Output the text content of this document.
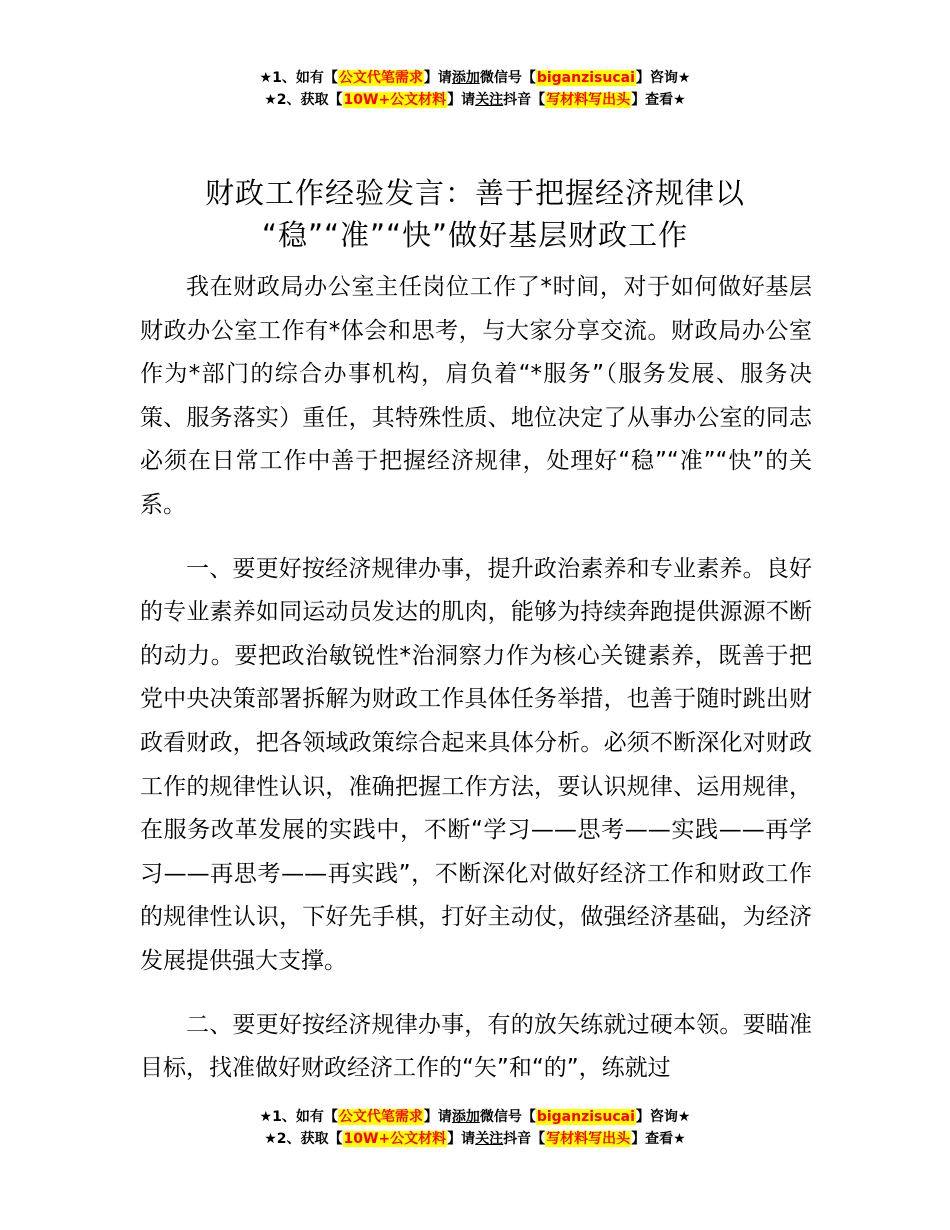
★1、如有【公文代笔需求】请添加微信号【biganzisucai】咨询★
★2、获取【10W+公文材料】请关注抖音【写材料写出头】查看★
财政工作经验发言：善于把握经济规律以
“稳”“准”“快”做好基层财政工作

我在财政局办公室主任岗位工作了*时间，对于如何做好基层财政办公室工作有*体会和思考，与大家分享交流。财政局办公室作为*部门的综合办事机构，肩负着“*服务”（服务发展、服务决策、服务落实）重任，其特殊性质、地位决定了从事办公室的同志必须在日常工作中善于把握经济规律，处理好“稳”“准”“快”的关系。

一、要更好按经济规律办事，提升政治素养和专业素养。良好的专业素养如同运动员发达的肌肉，能够为持续奔跑提供源源不断的动力。要把政治敏锐性*治洞察力作为核心关键素养，既善于把党中央决策部署拆解为财政工作具体任务举措，也善于随时跳出财政看财政，把各领域政策综合起来具体分析。必须不断深化对财政工作的规律性认识，准确把握工作方法，要认识规律、运用规律，在服务改革发展的实践中，不断“学习——思考——实践——再学习——再思考——再实践”，不断深化对做好经济工作和财政工作的规律性认识，下好先手棋，打好主动仗，做强经济基础，为经济发展提供强大支撑。

二、要更好按经济规律办事，有的放矢练就过硬本领。要瞄准目标，找准做好财政经济工作的“矢”和“的”，练就过

★1、如有【公文代笔需求】请添加微信号【biganzisucai】咨询★
★2、获取【10W+公文材料】请关注抖音【写材料写出头】查看★
